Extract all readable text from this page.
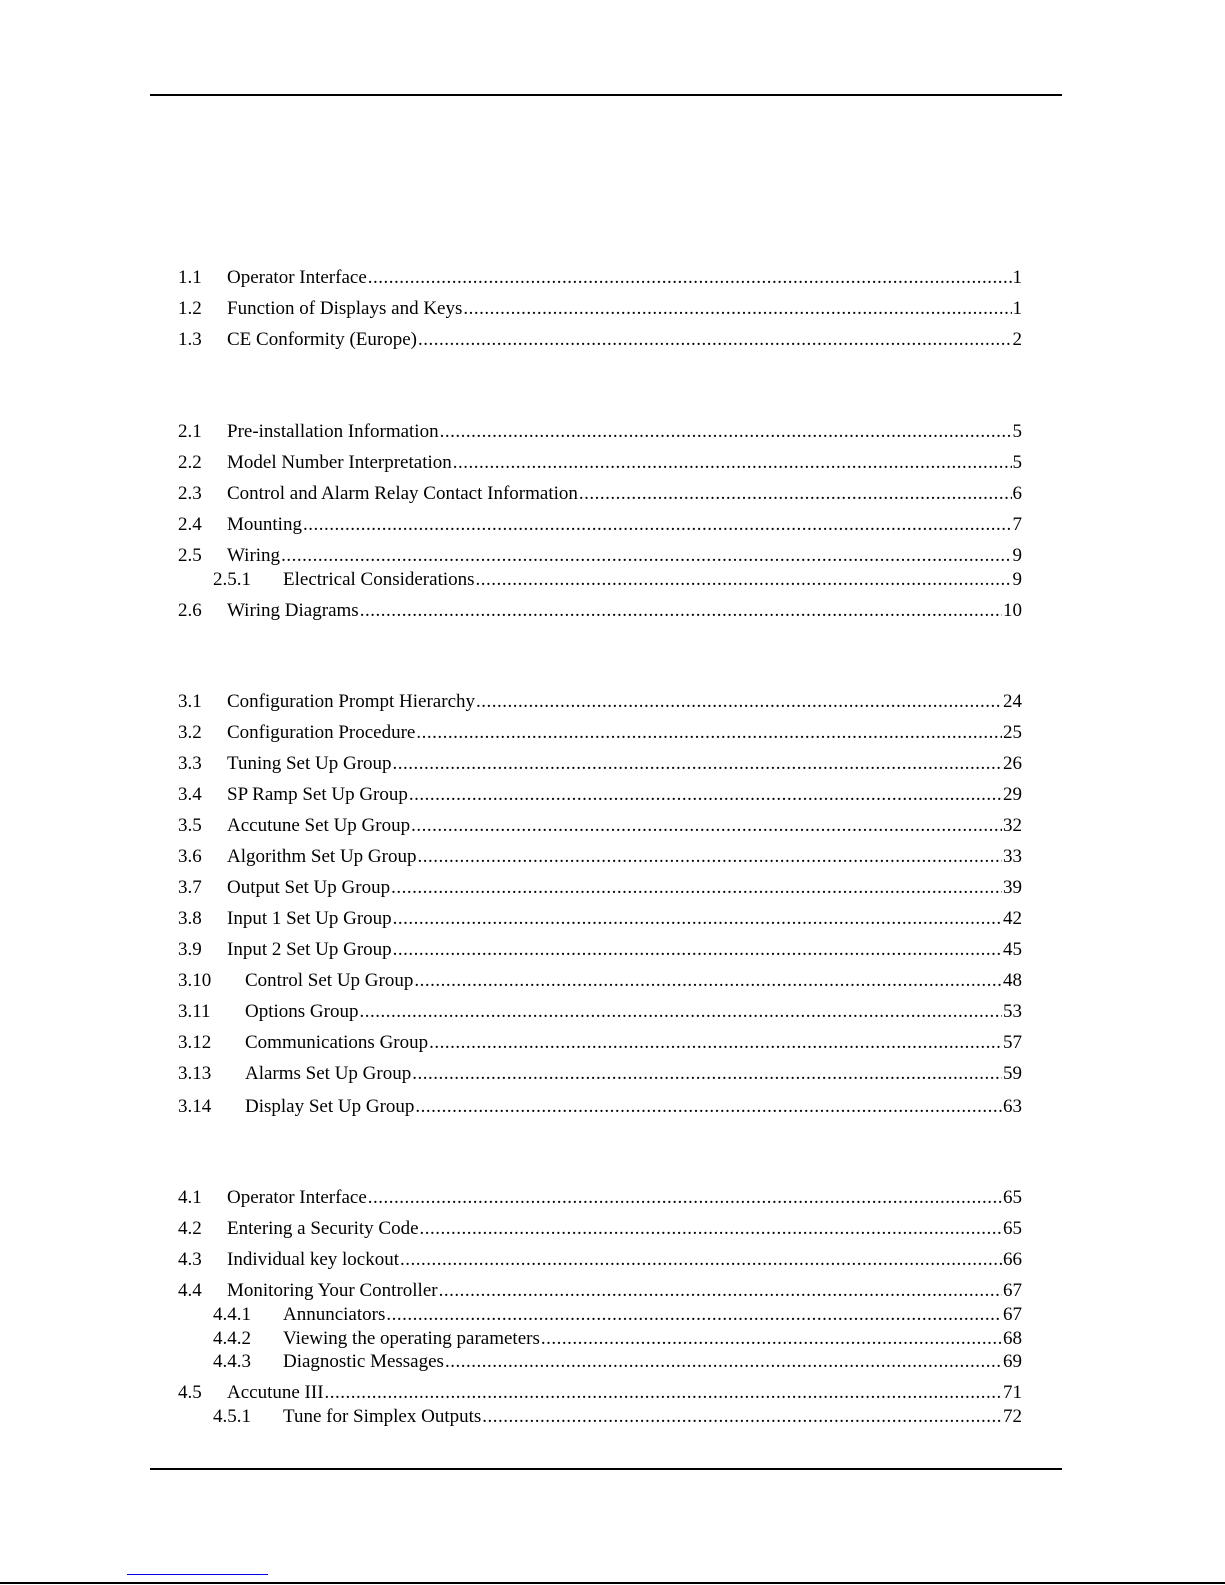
1.1 Operator Interface .....	1
1.2 Function of Displays and Keys .....	1
1.3 CE Conformity (Europe) .....	2
2.1 Pre-installation Information .....	5
2.2 Model Number Interpretation .....	5
2.3 Control and Alarm Relay Contact Information .....	6
2.4 Mounting .....	7
2.5 Wiring .....	9
2.5.1 Electrical Considerations .....	9
2.6 Wiring Diagrams .....	10
3.1 Configuration Prompt Hierarchy .....	24
3.2 Configuration Procedure .....	25
3.3 Tuning Set Up Group .....	26
3.4 SP Ramp Set Up Group .....	29
3.5 Accutune Set Up Group .....	32
3.6 Algorithm Set Up Group .....	33
3.7 Output Set Up Group .....	39
3.8 Input 1 Set Up Group .....	42
3.9 Input 2 Set Up Group .....	45
3.10 Control Set Up Group .....	48
3.11 Options Group .....	53
3.12 Communications Group .....	57
3.13 Alarms Set Up Group .....	59
3.14 Display Set Up Group .....	63
4.1 Operator Interface .....	65
4.2 Entering a Security Code .....	65
4.3 Individual key lockout .....	66
4.4 Monitoring Your Controller .....	67
4.4.1 Annunciators .....	67
4.4.2 Viewing the operating parameters .....	68
4.4.3 Diagnostic Messages .....	69
4.5 Accutune III .....	71
4.5.1 Tune for Simplex Outputs .....	72
